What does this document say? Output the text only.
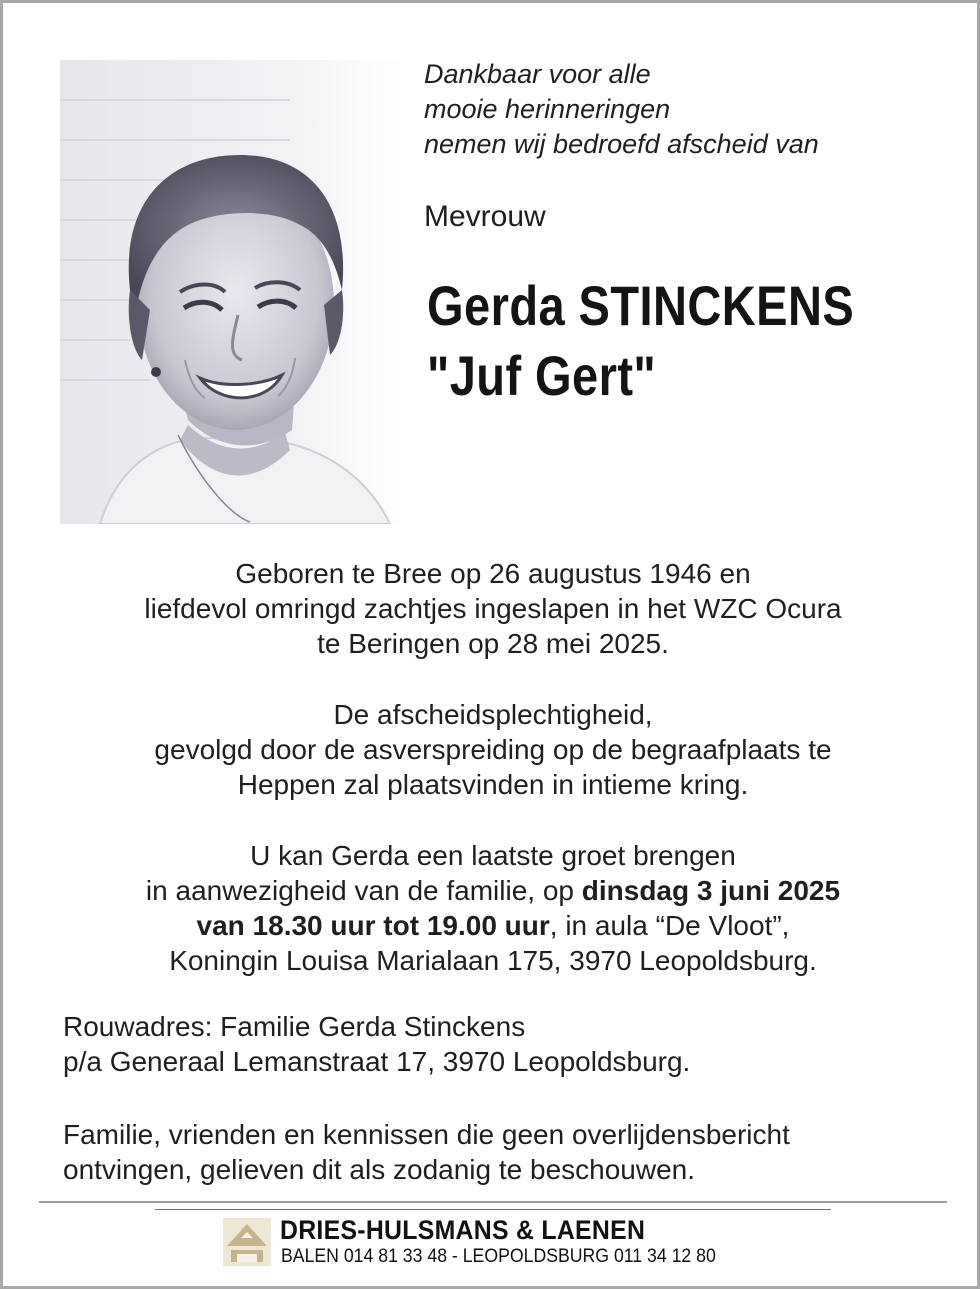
Dankbaar voor alle
mooie herinneringen
nemen wij bedroefd afscheid van
Mevrouw
Gerda STINCKENS
"Juf Gert"
Geboren te Bree op 26 augustus 1946 en
liefdevol omringd zachtjes ingeslapen in het WZC Ocura
te Beringen op 28 mei 2025.
De afscheidsplechtigheid,
gevolgd door de asverspreiding op de begraafplaats te
Heppen zal plaatsvinden in intieme kring.
U kan Gerda een laatste groet brengen
in aanwezigheid van de familie, op dinsdag 3 juni 2025
van 18.30 uur tot 19.00 uur, in aula “De Vloot”,
Koningin Louisa Marialaan 175, 3970 Leopoldsburg.
Rouwadres: Familie Gerda Stinckens
p/a Generaal Lemanstraat 17, 3970 Leopoldsburg.
Familie, vrienden en kennissen die geen overlijdensbericht
ontvingen, gelieven dit als zodanig te beschouwen.
DRIES-HULSMANS & LAENEN
BALEN 014 81 33 48 - LEOPOLDSBURG 011 34 12 80
